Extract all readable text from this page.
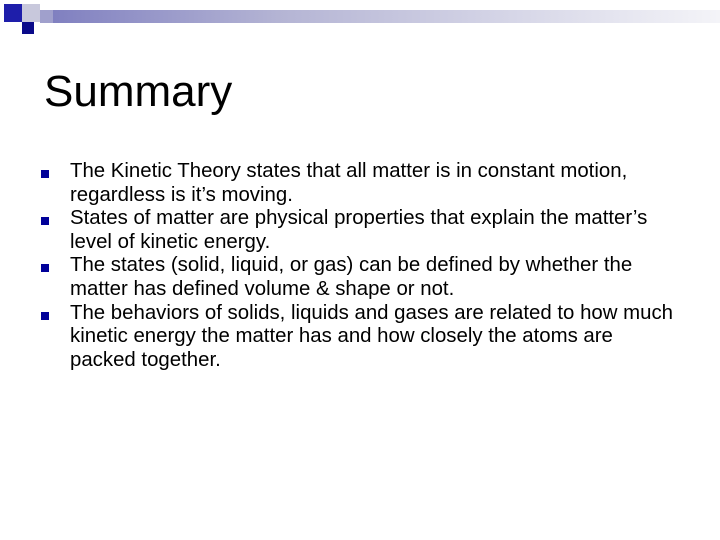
Summary
The Kinetic Theory states that all matter is in constant motion, regardless is it’s moving.
States of matter are physical properties that explain the matter’s level of kinetic energy.
The states (solid, liquid, or gas) can be defined by whether the matter has defined volume & shape or not.
The behaviors of solids, liquids and gases are related to how much kinetic energy the matter has and how closely the atoms are packed together.
